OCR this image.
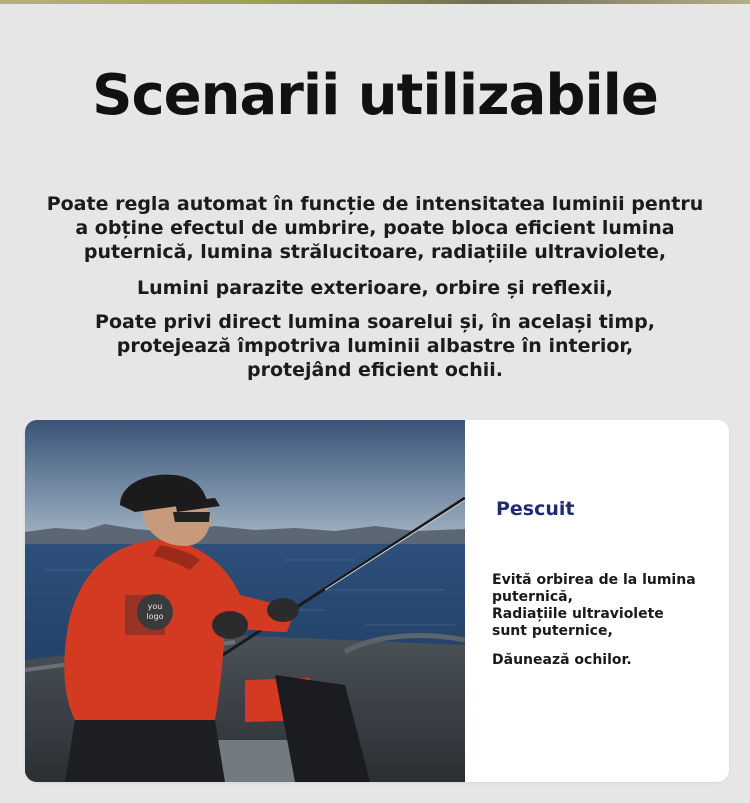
Scenarii utilizabile

Poate regla automat în funcție de intensitatea luminii pentru
a obține efectul de umbrire, poate bloca eficient lumina
puternică, lumina strălucitoare, radiațiile ultraviolete,

Lumini parazite exterioare, orbire și reflexii,

Poate privi direct lumina soarelui și, în același timp,
protejează împotriva luminii albastre în interior,
protejând eficient ochii.

you
logo
Pescuit
Evită orbirea de la lumina
puternică,
Radiațiile ultraviolete
sunt puternice,
Dăunează ochilor.
